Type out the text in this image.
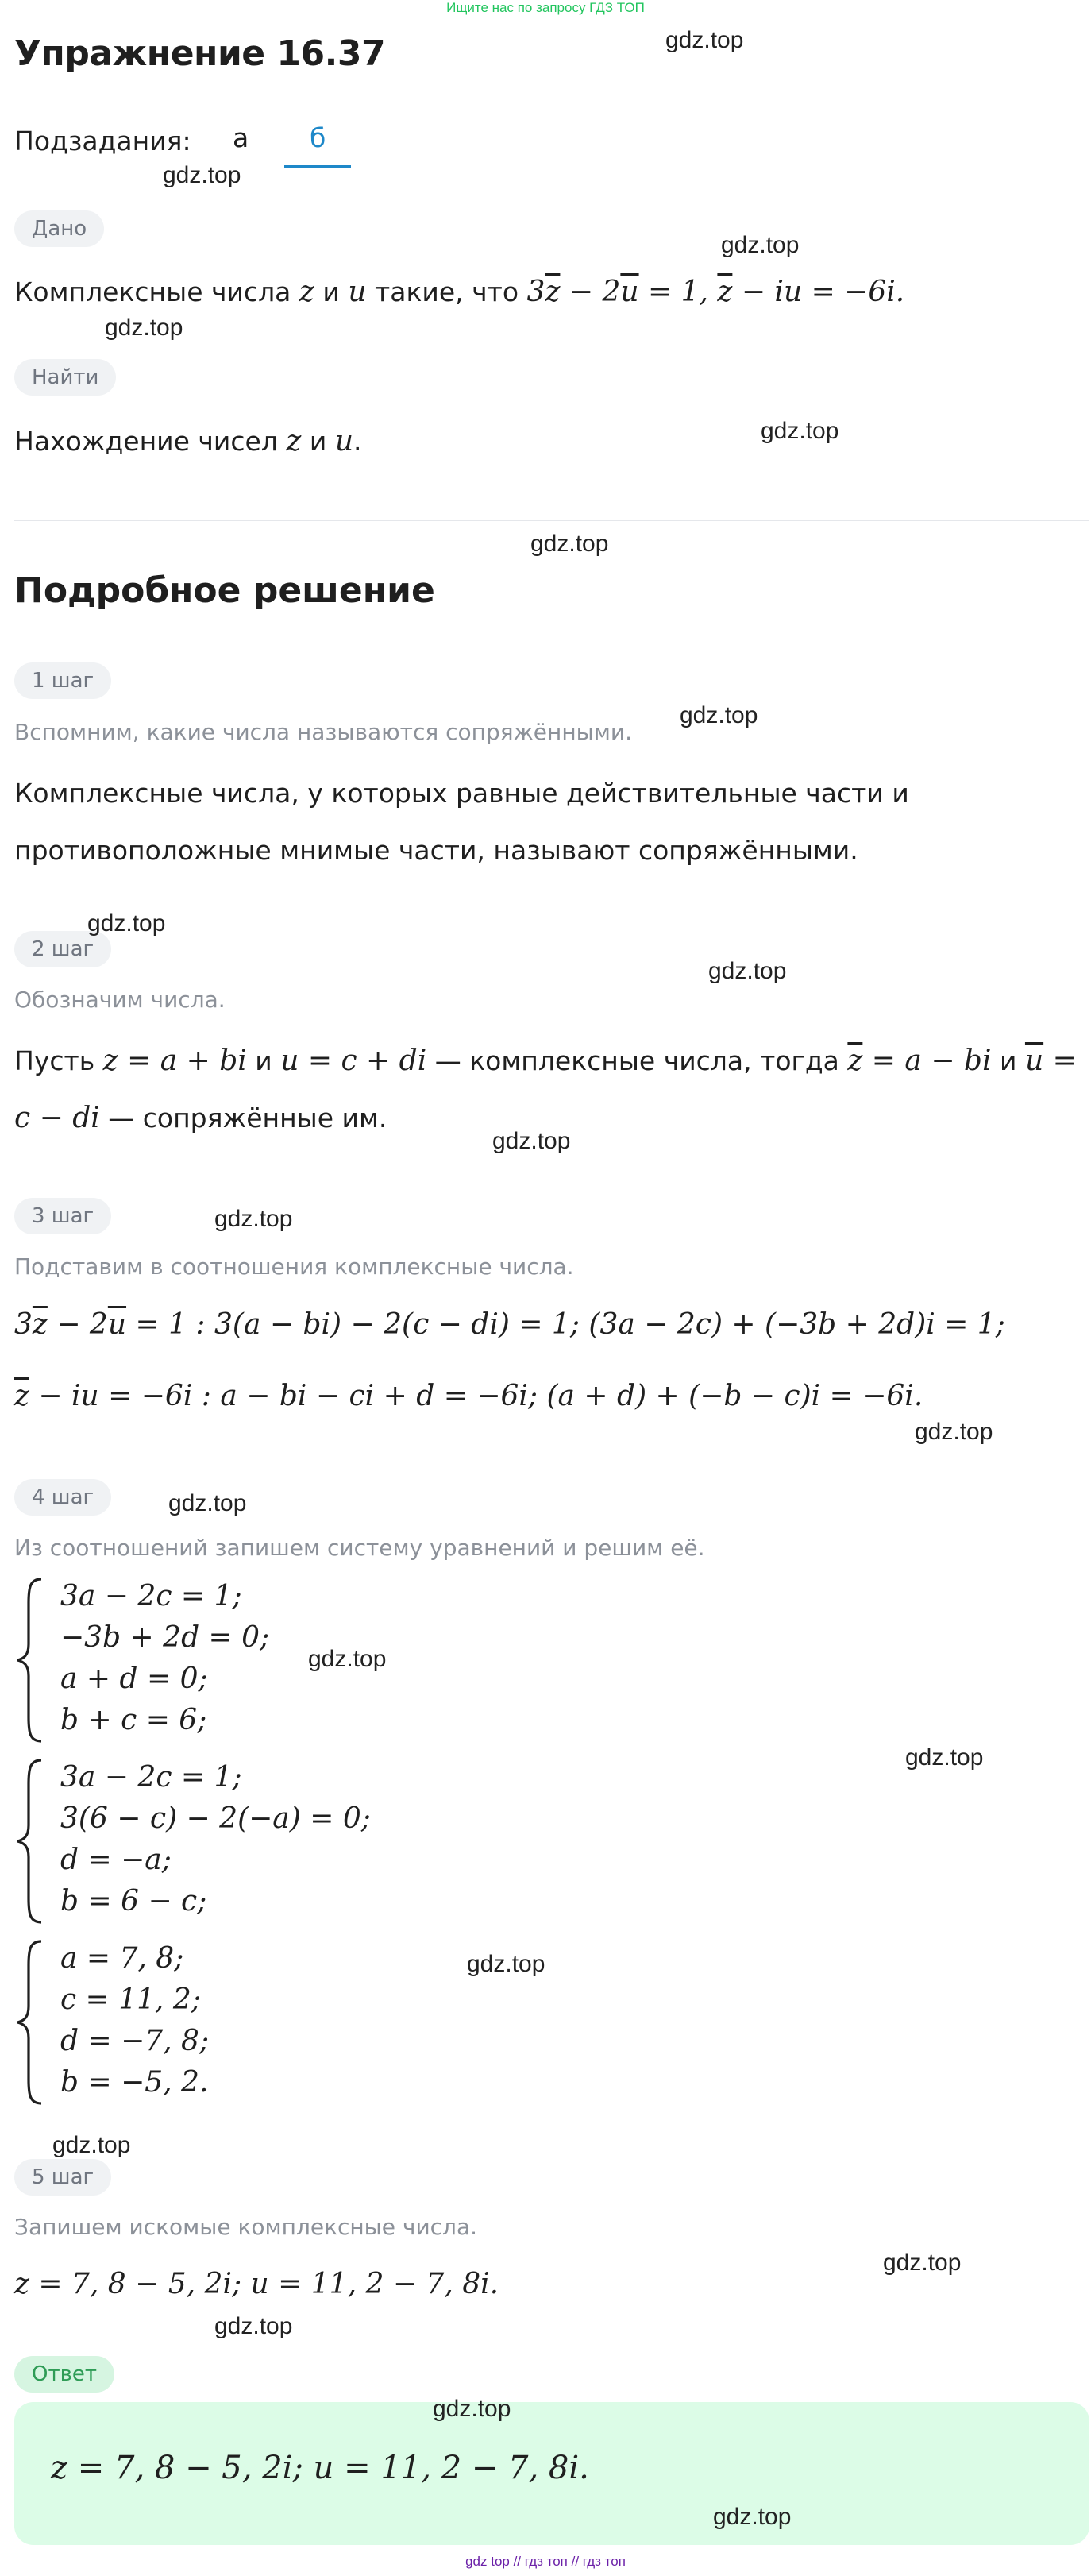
Ищите нас по запросу ГДЗ ТОП
Упражнение 16.37
Подзадания: а б
Дано
Комплексные числа z и u такие, что $3\overline{z} - 2\overline{u} = 1$, $\overline{z}$ − iu = −6i.
Найти
Нахождение чисел z и u.
Подробное решение
1 шаг
Вспомним, какие числа называются сопряжёнными.
Комплексные числа, у которых равные действительные части и
противоположные мнимые части, называют сопряжёнными.
2 шаг
Обозначим числа.
Пусть z = a + bi и u = c + di — комплексные числа, тогда $\overline{z} = a$ − bi и $\overline{u}$ =
c − di — сопряжённые им.
3 шаг
Подставим в соотношения комплексные числа.
$3\overline{z} - 2\overline{u} = 1$ : 3(a − bi) − 2(c − di) = 1; (3a − 2c) + (−3b + 2d)i = 1;
$\overline{z}$ − iu = −6i : a − bi − ci + d = −6i; (a + d) + (−b − c)i = −6i.
4 шаг
Из соотношений запишем систему уравнений и решим её.
3a − 2c = 1;
−3b + 2d = 0;
a + d = 0;
b + c = 6;
3a − 2c = 1;
3(6 − c) − 2(−a) = 0;
d = −a;
b = 6 − c;
a = 7, 8;
c = 11, 2;
d = −7, 8;
b = −5, 2.
5 шаг
Запишем искомые комплексные числа.
z = 7, 8 − 5, 2i; u = 11, 2 − 7, 8i.
Ответ
z = 7, 8 − 5, 2i; u = 11, 2 − 7, 8i.
gdz.top
gdz.top
gdz.top
gdz.top
gdz.top
gdz.top
gdz.top
gdz.top
gdz.top
gdz.top
gdz.top
gdz.top
gdz.top
gdz.top
gdz.top
gdz.top
gdz.top
gdz.top
gdz.top
gdz.top
gdz.top
gdz top // гдз топ // гдз топ
